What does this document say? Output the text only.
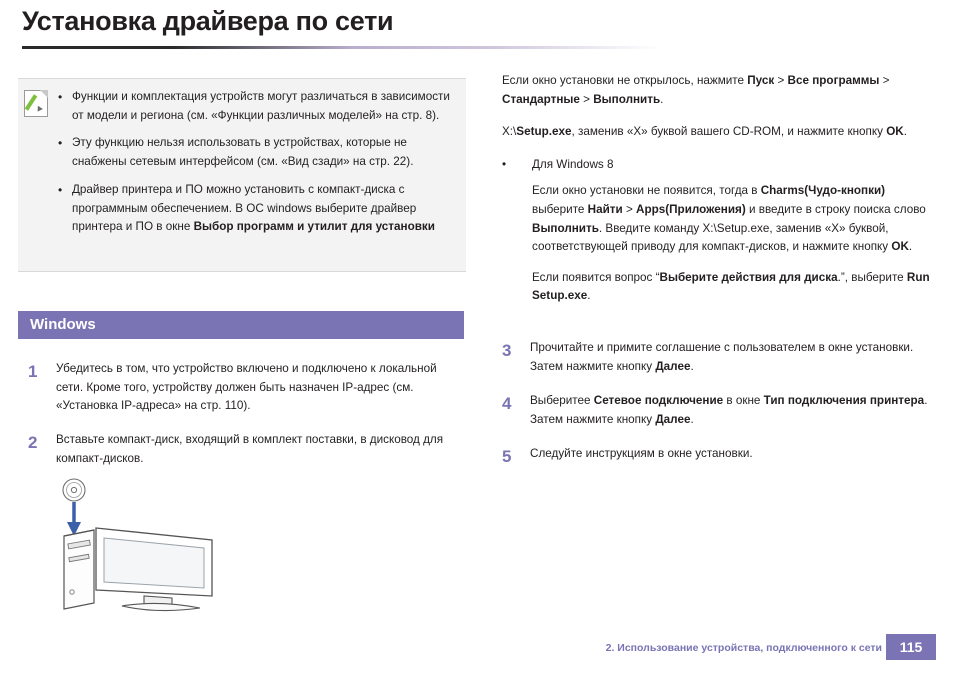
Установка драйвера по сети
• Функции и комплектация устройств могут различаться в зависимости от модели и региона (см. «Функции различных моделей» на стр. 8).
• Эту функцию нельзя использовать в устройствах, которые не снабжены сетевым интерфейсом (см. «Вид сзади» на стр. 22).
• Драйвер принтера и ПО можно установить с компакт-диска с программным обеспечением. В ОС windows выберите драйвер принтера и ПО в окне Выбор программ и утилит для установки
Windows
1 Убедитесь в том, что устройство включено и подключено к локальной сети. Кроме того, устройству должен быть назначен IP-адрес (см. «Установка IP-адреса» на стр. 110).
2 Вставьте компакт-диск, входящий в комплект поставки, в дисковод для компакт-дисков.

Если окно установки не открылось, нажмите Пуск > Все программы > Стандартные > Выполнить.

X:\Setup.exe, заменив «X» буквой вашего CD-ROM, и нажмите кнопку OK.

• Для Windows 8

Если окно установки не появится, тогда в Charms(Чудо-кнопки) выберите Найти > Apps(Приложения) и введите в строку поиска слово Выполнить. Введите команду X:\Setup.exe, заменив «X» буквой, соответствующей приводу для компакт-дисков, и нажмите кнопку OK.

Если появится вопрос “Выберите действия для диска.”, выберите Run Setup.exe.

3 Прочитайте и примите соглашение с пользователем в окне установки. Затем нажмите кнопку Далее.
4 Выберитее Сетевое подключение в окне Тип подключения принтера. Затем нажмите кнопку Далее.
5 Следуйте инструкциям в окне установки.
2. Использование устройства, подключенного к сети	115
